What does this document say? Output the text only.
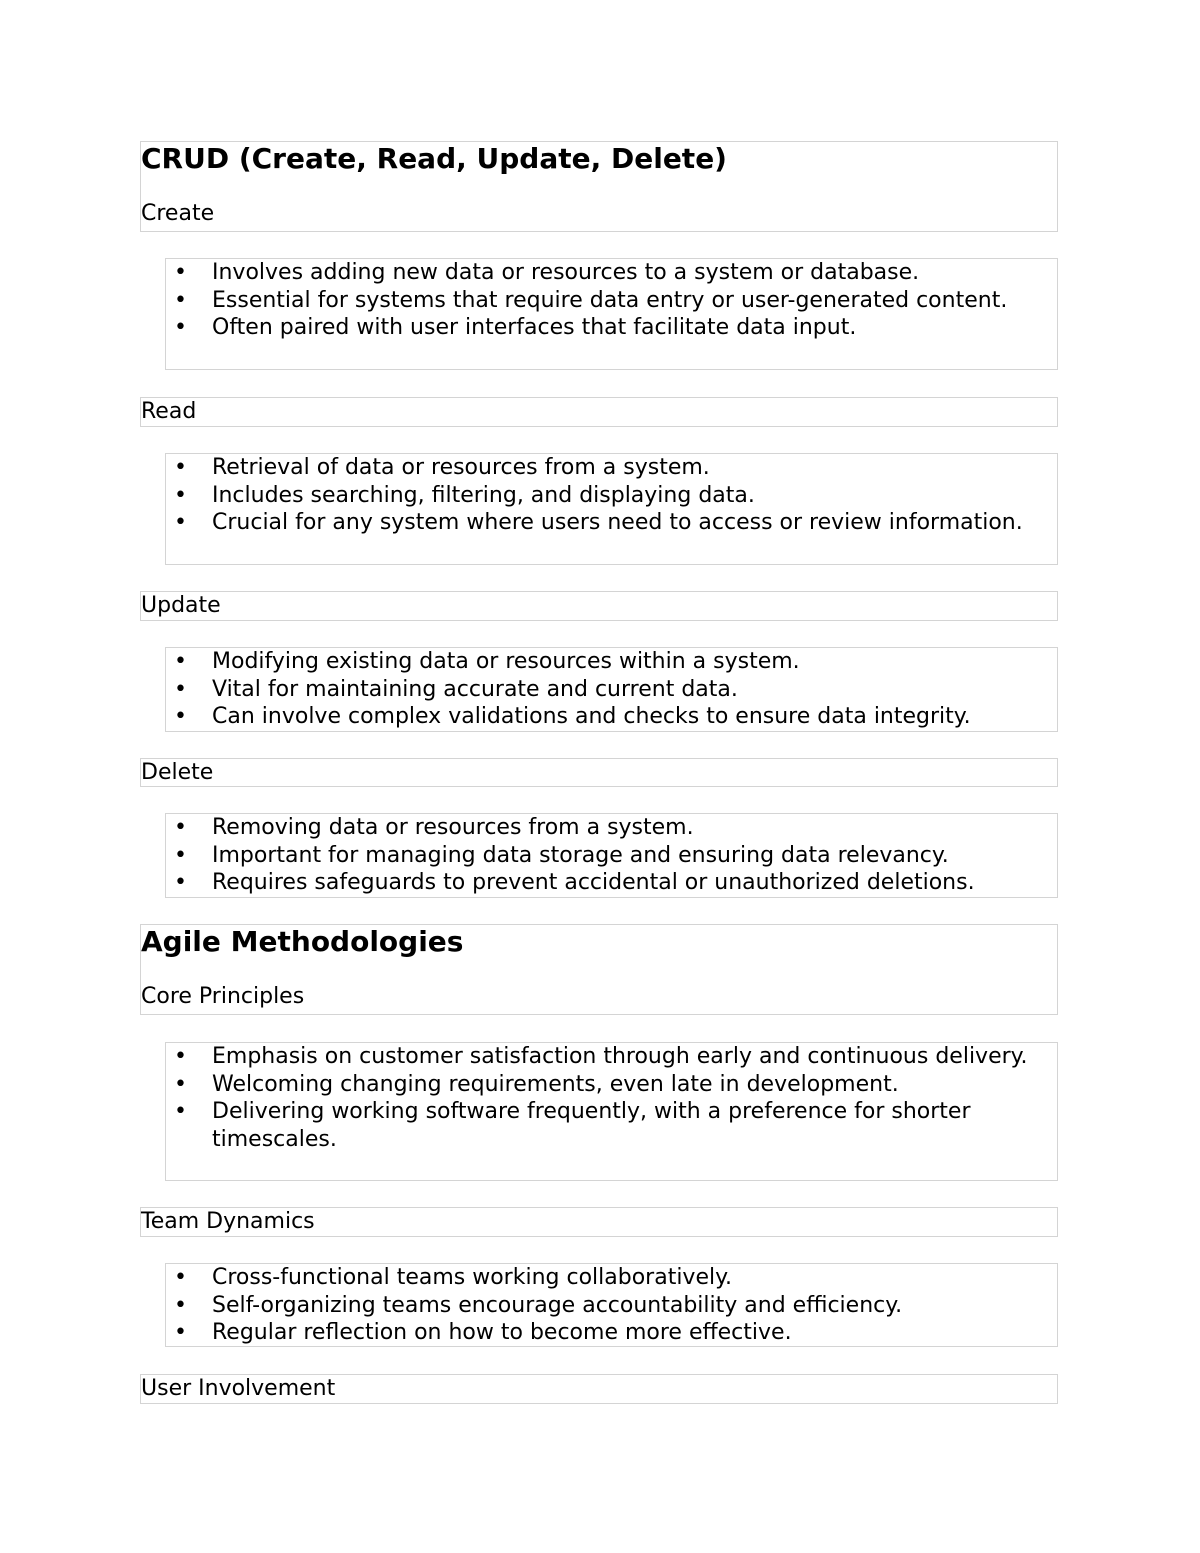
CRUD (Create, Read, Update, Delete)
Create
• Involves adding new data or resources to a system or database.
• Essential for systems that require data entry or user-generated content.
• Often paired with user interfaces that facilitate data input.
Read
• Retrieval of data or resources from a system.
• Includes searching, filtering, and displaying data.
• Crucial for any system where users need to access or review information.
Update
• Modifying existing data or resources within a system.
• Vital for maintaining accurate and current data.
• Can involve complex validations and checks to ensure data integrity.
Delete
• Removing data or resources from a system.
• Important for managing data storage and ensuring data relevancy.
• Requires safeguards to prevent accidental or unauthorized deletions.
Agile Methodologies
Core Principles
• Emphasis on customer satisfaction through early and continuous delivery.
• Welcoming changing requirements, even late in development.
• Delivering working software frequently, with a preference for shorter timescales.
Team Dynamics
• Cross-functional teams working collaboratively.
• Self-organizing teams encourage accountability and efficiency.
• Regular reflection on how to become more effective.
User Involvement
